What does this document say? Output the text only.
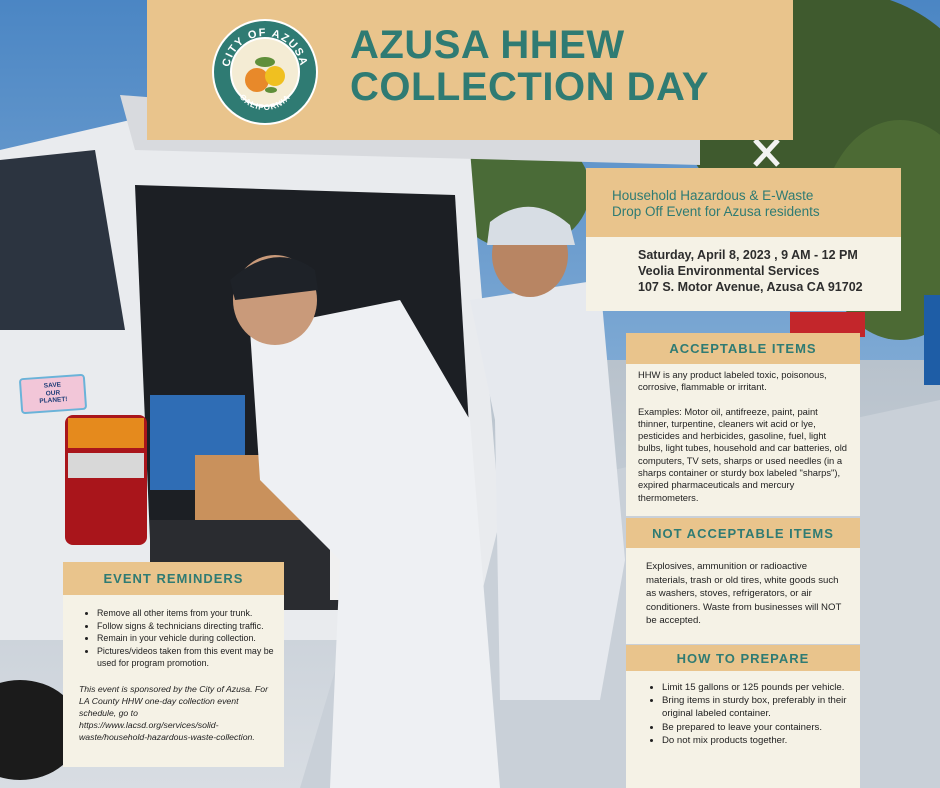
SAVE
OUR
PLANET!
CITY OF AZUSA
CALIFORNIA
AZUSA HHEW
COLLECTION DAY
Household Hazardous & E-Waste
Drop Off Event for Azusa residents
Saturday, April 8, 2023 , 9 AM - 12 PM
Veolia Environmental Services
107 S. Motor Avenue, Azusa CA 91702
ACCEPTABLE ITEMS

HHW is any product labeled toxic, poisonous, corrosive, flammable or irritant.

Examples: Motor oil, antifreeze, paint, paint thinner, turpentine, cleaners wit acid or lye, pesticides and herbicides, gasoline, fuel, light bulbs, light tubes, household and car batteries, old computers, TV sets, sharps or used needles (in a sharps container or sturdy box labeled "sharps"), expired pharmaceuticals and mercury thermometers.

NOT ACCEPTABLE ITEMS

Explosives, ammunition or radioactive materials, trash or old tires, white goods such as washers, stoves, refrigerators, or air conditioners. Waste from businesses will NOT be accepted.

HOW TO PREPARE
• Limit 15 gallons or 125 pounds per vehicle.
• Bring items in sturdy box, preferably in their original labeled container.
• Be prepared to leave your containers.
• Do not mix products together.
EVENT REMINDERS
• Remove all other items from your trunk.
• Follow signs & technicians directing traffic.
• Remain in your vehicle during collection.
• Pictures/videos taken from this event may be used for program promotion.

This event is sponsored by the City of Azusa. For LA County HHW one-day collection event schedule, go to https://www.lacsd.org/services/solid-waste/household-hazardous-waste-collection.
